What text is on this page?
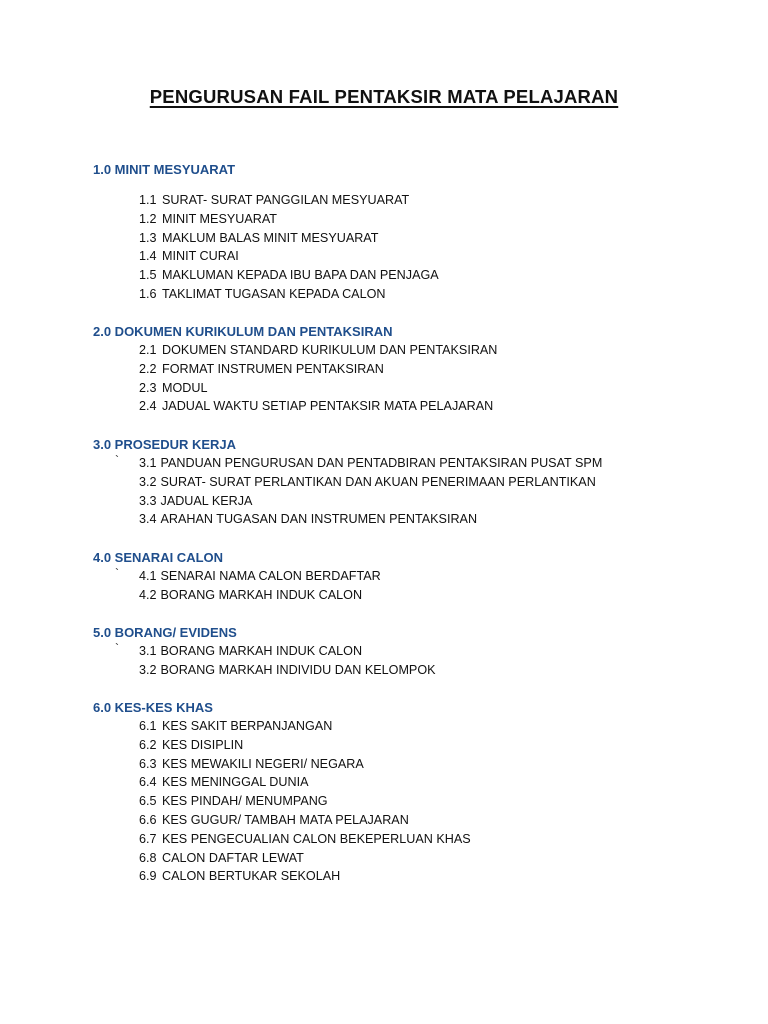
PENGURUSAN FAIL PENTAKSIR MATA PELAJARAN
1.0 MINIT MESYUARAT
1.1 SURAT- SURAT PANGGILAN MESYUARAT
1.2 MINIT MESYUARAT
1.3 MAKLUM BALAS MINIT MESYUARAT
1.4 MINIT CURAI
1.5 MAKLUMAN KEPADA IBU BAPA DAN PENJAGA
1.6 TAKLIMAT TUGASAN KEPADA CALON
2.0 DOKUMEN KURIKULUM DAN PENTAKSIRAN
2.1 DOKUMEN STANDARD KURIKULUM DAN PENTAKSIRAN
2.2 FORMAT INSTRUMEN PENTAKSIRAN
2.3 MODUL
2.4 JADUAL WAKTU SETIAP PENTAKSIR MATA PELAJARAN
3.0 PROSEDUR KERJA
` 3.1 PANDUAN PENGURUSAN DAN PENTADBIRAN PENTAKSIRAN PUSAT SPM
3.2 SURAT- SURAT PERLANTIKAN DAN AKUAN PENERIMAAN PERLANTIKAN
3.3 JADUAL KERJA
3.4 ARAHAN TUGASAN DAN INSTRUMEN PENTAKSIRAN
4.0 SENARAI CALON
` 4.1 SENARAI NAMA CALON BERDAFTAR
4.2 BORANG MARKAH INDUK CALON
5.0 BORANG/ EVIDENS
` 3.1 BORANG MARKAH INDUK CALON
3.2 BORANG MARKAH INDIVIDU DAN KELOMPOK
6.0 KES-KES KHAS
6.1 KES SAKIT BERPANJANGAN
6.2 KES DISIPLIN
6.3 KES MEWAKILI NEGERI/ NEGARA
6.4 KES MENINGGAL DUNIA
6.5 KES PINDAH/ MENUMPANG
6.6 KES GUGUR/ TAMBAH MATA PELAJARAN
6.7 KES PENGECUALIAN CALON BEKEPERLUAN KHAS
6.8 CALON DAFTAR LEWAT
6.9 CALON BERTUKAR SEKOLAH
